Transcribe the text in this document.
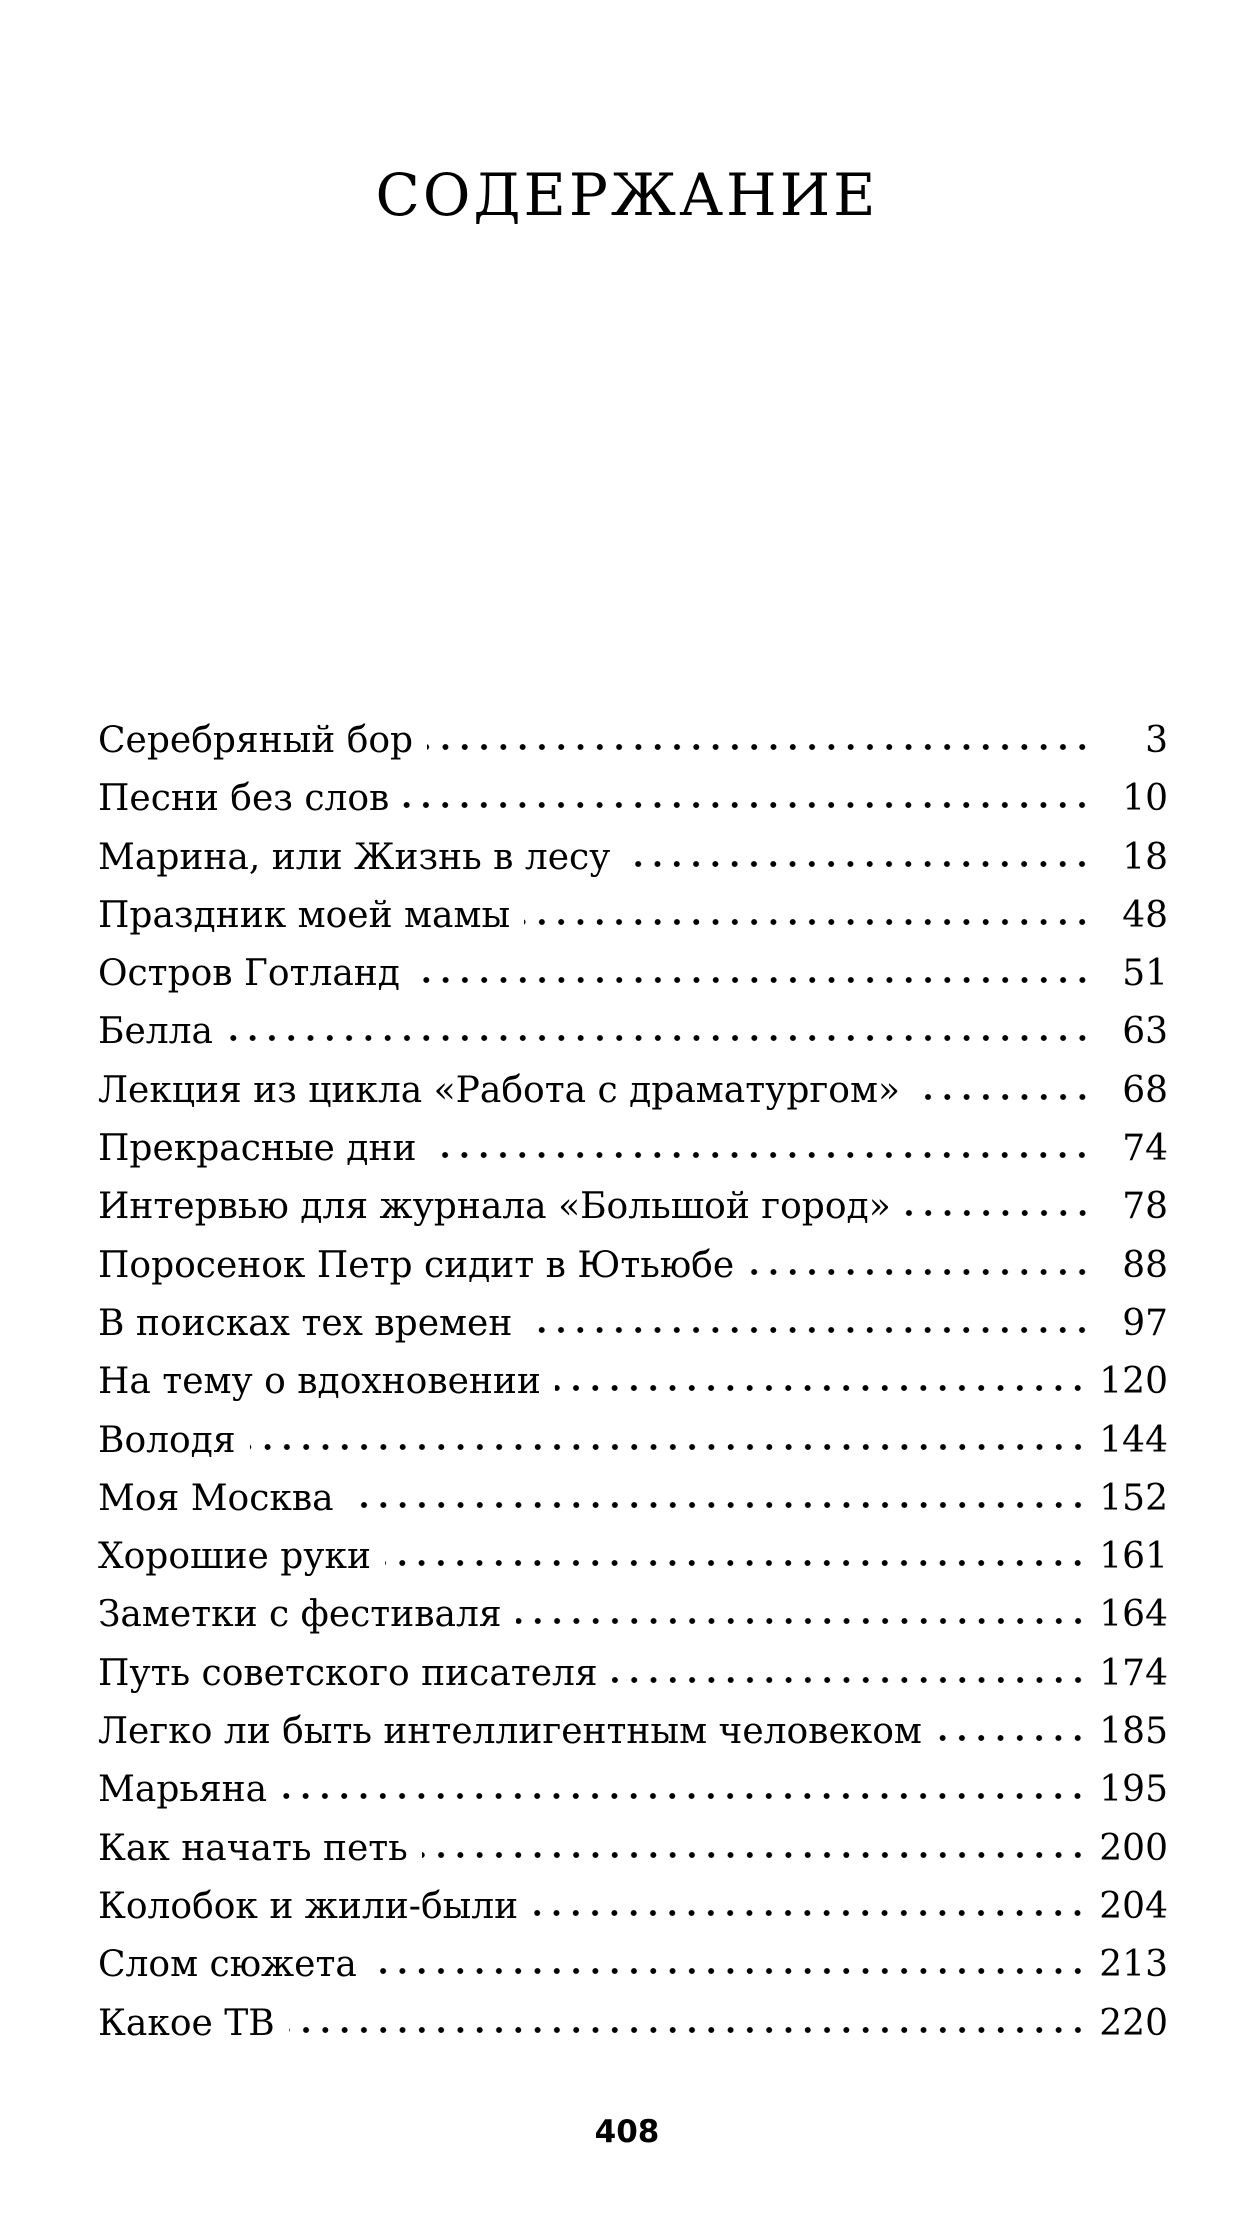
СОДЕРЖАНИЕ
Серебряный бор	3
Песни без слов	10
Марина, или Жизнь в лесу	18
Праздник моей мамы	48
Остров Готланд	51
Белла	63
Лекция из цикла «Работа с драматургом»	68
Прекрасные дни	74
Интервью для журнала «Большой город»	78
Поросенок Петр сидит в Ютьюбе	88
В поисках тех времен	97
На тему о вдохновении	120
Володя	144
Моя Москва	152
Хорошие руки	161
Заметки с фестиваля	164
Путь советского писателя	174
Легко ли быть интеллигентным человеком	185
Марьяна	195
Как начать петь	200
Колобок и жили-были	204
Слом сюжета	213
Какое ТВ	220
408
